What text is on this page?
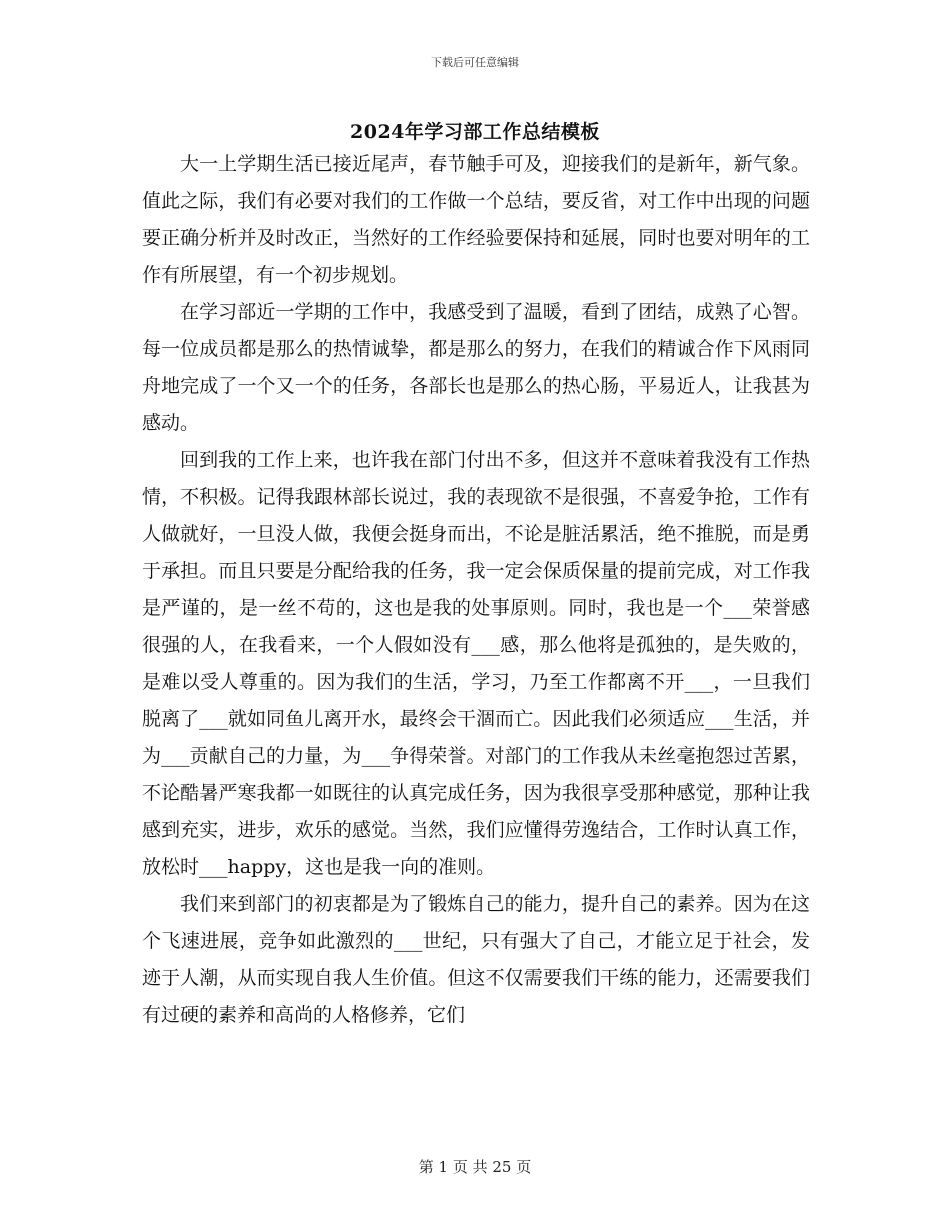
下载后可任意编辑
2024年学习部工作总结模板

大一上学期生活已接近尾声，春节触手可及，迎接我们的是新年，新气象。值此之际，我们有必要对我们的工作做一个总结，要反省，对工作中出现的问题要正确分析并及时改正，当然好的工作经验要保持和延展，同时也要对明年的工作有所展望，有一个初步规划。

在学习部近一学期的工作中，我感受到了温暖，看到了团结，成熟了心智。每一位成员都是那么的热情诚挚，都是那么的努力，在我们的精诚合作下风雨同舟地完成了一个又一个的任务，各部长也是那么的热心肠，平易近人，让我甚为感动。

回到我的工作上来，也许我在部门付出不多，但这并不意味着我没有工作热情，不积极。记得我跟林部长说过，我的表现欲不是很强，不喜爱争抢，工作有人做就好，一旦没人做，我便会挺身而出，不论是脏活累活，绝不推脱，而是勇于承担。而且只要是分配给我的任务，我一定会保质保量的提前完成，对工作我是严谨的，是一丝不苟的，这也是我的处事原则。同时，我也是一个___荣誉感很强的人，在我看来，一个人假如没有___感，那么他将是孤独的，是失败的，是难以受人尊重的。因为我们的生活，学习，乃至工作都离不开___，一旦我们脱离了___就如同鱼儿离开水，最终会干涸而亡。因此我们必须适应___生活，并为___贡献自己的力量，为___争得荣誉。对部门的工作我从未丝毫抱怨过苦累，不论酷暑严寒我都一如既往的认真完成任务，因为我很享受那种感觉，那种让我感到充实，进步，欢乐的感觉。当然，我们应懂得劳逸结合，工作时认真工作，放松时___happy，这也是我一向的准则。

我们来到部门的初衷都是为了锻炼自己的能力，提升自己的素养。因为在这个飞速进展，竞争如此激烈的___世纪，只有强大了自己，才能立足于社会，发迹于人潮，从而实现自我人生价值。但这不仅需要我们干练的能力，还需要我们有过硬的素养和高尚的人格修养，它们

第 1 页 共 25 页
